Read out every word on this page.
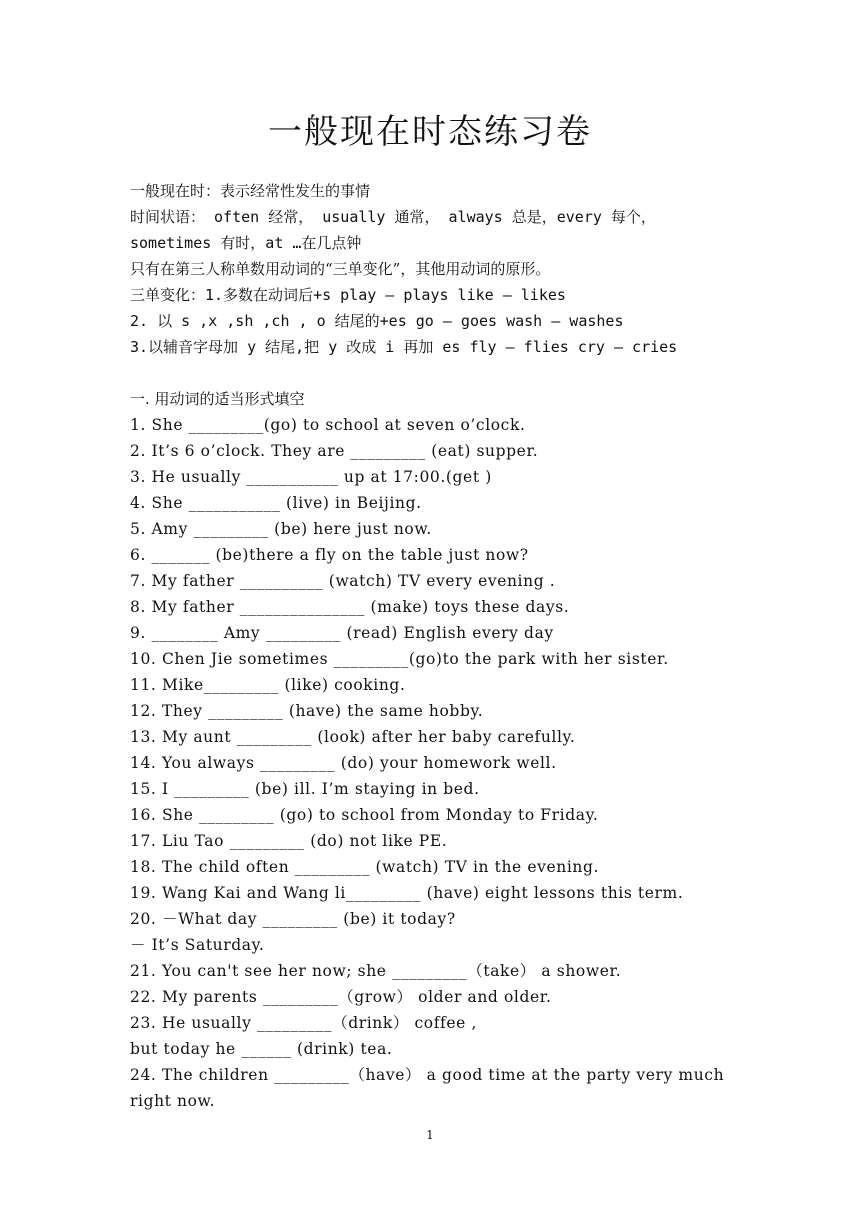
一般现在时态练习卷
一般现在时：表示经常性发生的事情
时间状语： often 经常， usually 通常， always 总是，every 每个，
sometimes 有时，at …在几点钟
只有在第三人称单数用动词的“三单变化”，其他用动词的原形。
三单变化：1.多数在动词后+s play — plays like — likes
2. 以 s ,x ,sh ,ch , o 结尾的+es go — goes wash — washes
3.以辅音字母加 y 结尾,把 y 改成 i 再加 es fly — flies cry — cries
一. 用动词的适当形式填空
1. She _________(go) to school at seven o’clock.
2. It’s 6 o’clock. They are _________ (eat) supper.
3. He usually ___________ up at 17:00.(get )
4. She ___________ (live) in Beijing.
5. Amy _________ (be) here just now.
6. _______ (be)there a fly on the table just now?
7. My father __________ (watch) TV every evening .
8. My father _______________ (make) toys these days.
9. ________ Amy _________ (read) English every day
10. Chen Jie sometimes _________(go)to the park with her sister.
11. Mike_________ (like) cooking.
12. They _________ (have) the same hobby.
13. My aunt _________ (look) after her baby carefully.
14. You always _________ (do) your homework well.
15. I _________ (be) ill. I’m staying in bed.
16. She _________ (go) to school from Monday to Friday.
17. Liu Tao _________ (do) not like PE.
18. The child often _________ (watch) TV in the evening.
19. Wang Kai and Wang li_________ (have) eight lessons this term.
20. －What day _________ (be) it today?
－ It’s Saturday.
21. You can't see her now; she _________（take） a shower.
22. My parents _________（grow） older and older.
23. He usually _________（drink） coffee ,
but today he ______ (drink) tea.
24. The children _________（have） a good time at the party very much
right now.
1
